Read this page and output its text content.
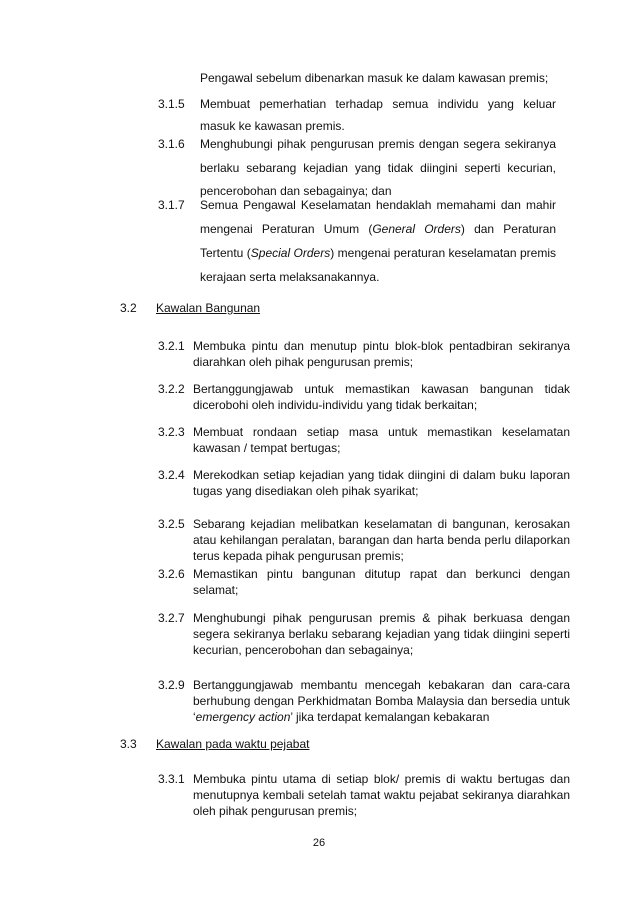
Pengawal sebelum dibenarkan masuk ke dalam kawasan premis;
3.1.5 Membuat pemerhatian terhadap semua individu yang keluar
masuk ke kawasan premis.
3.1.6 Menghubungi pihak pengurusan premis dengan segera sekiranya
berlaku sebarang kejadian yang tidak diingini seperti kecurian,
pencerobohan dan sebagainya; dan
3.1.7 Semua Pengawal Keselamatan hendaklah memahami dan mahir
mengenai Peraturan Umum (General Orders) dan Peraturan
Tertentu (Special Orders) mengenai peraturan keselamatan premis
kerajaan serta melaksanakannya.
3.2 Kawalan Bangunan
3.2.1 Membuka pintu dan menutup pintu blok-blok pentadbiran sekiranya
diarahkan oleh pihak pengurusan premis;
3.2.2 Bertanggungjawab untuk memastikan kawasan bangunan tidak
dicerobohi oleh individu-individu yang tidak berkaitan;
3.2.3 Membuat rondaan setiap masa untuk memastikan keselamatan
kawasan / tempat bertugas;
3.2.4 Merekodkan setiap kejadian yang tidak diingini di dalam buku laporan
tugas yang disediakan oleh pihak syarikat;
3.2.5 Sebarang kejadian melibatkan keselamatan di bangunan, kerosakan
atau kehilangan peralatan, barangan dan harta benda perlu dilaporkan
terus kepada pihak pengurusan premis;
3.2.6 Memastikan pintu bangunan ditutup rapat dan berkunci dengan
selamat;
3.2.7 Menghubungi pihak pengurusan premis & pihak berkuasa dengan
segera sekiranya berlaku sebarang kejadian yang tidak diingini seperti
kecurian, pencerobohan dan sebagainya;
3.2.9 Bertanggungjawab membantu mencegah kebakaran dan cara-cara
berhubung dengan Perkhidmatan Bomba Malaysia dan bersedia untuk
‘emergency action’ jika terdapat kemalangan kebakaran
3.3 Kawalan pada waktu pejabat
3.3.1 Membuka pintu utama di setiap blok/ premis di waktu bertugas dan
menutupnya kembali setelah tamat waktu pejabat sekiranya diarahkan
oleh pihak pengurusan premis;
26
